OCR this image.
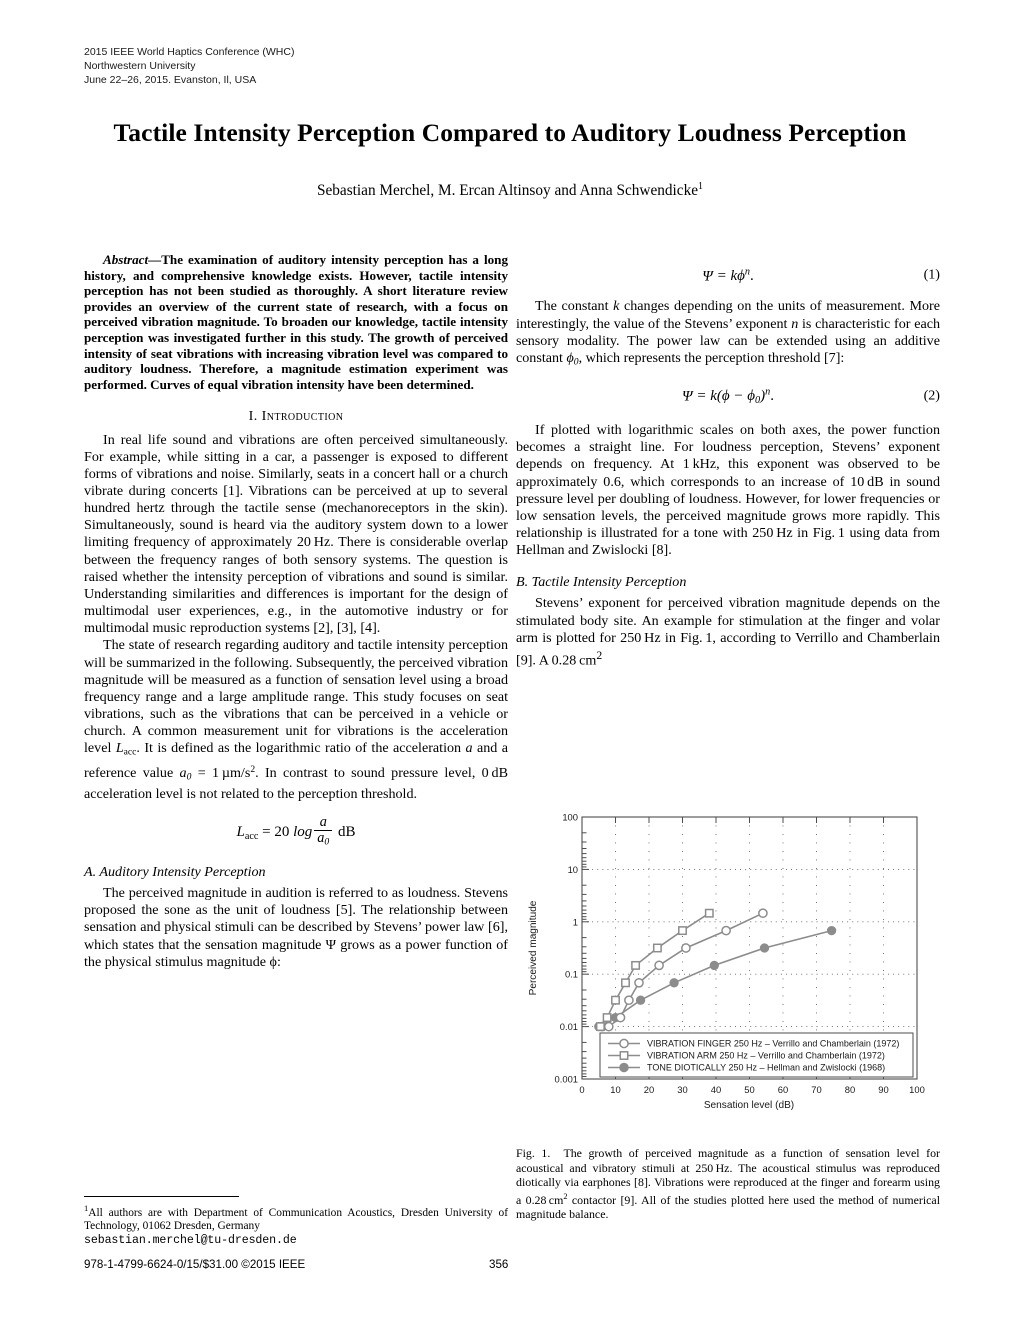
2015 IEEE World Haptics Conference (WHC)
Northwestern University
June 22–26, 2015. Evanston, Il, USA
Tactile Intensity Perception Compared to Auditory Loudness Perception
Sebastian Merchel, M. Ercan Altinsoy and Anna Schwendicke$^1$

Abstract—The examination of auditory intensity perception has a long history, and comprehensive knowledge exists. However, tactile intensity perception has not been studied as thoroughly. A short literature review provides an overview of the current state of research, with a focus on perceived vibration magnitude. To broaden our knowledge, tactile intensity perception was investigated further in this study. The growth of perceived intensity of seat vibrations with increasing vibration level was compared to auditory loudness. Therefore, a magnitude estimation experiment was performed. Curves of equal vibration intensity have been determined.

I. Introduction

In real life sound and vibrations are often perceived simultaneously. For example, while sitting in a car, a passenger is exposed to different forms of vibrations and noise. Similarly, seats in a concert hall or a church vibrate during concerts [1]. Vibrations can be perceived at up to several hundred hertz through the tactile sense (mechanoreceptors in the skin). Simultaneously, sound is heard via the auditory system down to a lower limiting frequency of approximately 20 Hz. There is considerable overlap between the frequency ranges of both sensory systems. The question is raised whether the intensity perception of vibrations and sound is similar. Understanding similarities and differences is important for the design of multimodal user experiences, e.g., in the automotive industry or for multimodal music reproduction systems [2], [3], [4].

The state of research regarding auditory and tactile intensity perception will be summarized in the following. Subsequently, the perceived vibration magnitude will be measured as a function of sensation level using a broad frequency range and a large amplitude range. This study focuses on seat vibrations, such as the vibrations that can be perceived in a vehicle or church. A common measurement unit for vibrations is the acceleration level $L_{acc}$. It is defined as the logarithmic ratio of the acceleration a and a reference value $a_0 = 1$ $\mu m/s^2$. In contrast to sound pressure level, 0 dB acceleration level is not related to the perception threshold.

$L_{acc} = 20$ $\log \frac{a}{a_0}$ dB
A. Auditory Intensity Perception

The perceived magnitude in audition is referred to as loudness. Stevens proposed the sone as the unit of loudness [5]. The relationship between sensation and physical stimuli can be described by Stevens’ power law [6], which states that the sensation magnitude Ψ grows as a power function of the physical stimulus magnitude ϕ:

$\Psi = k\phi^n$.	(1)

The constant k changes depending on the units of measurement. More interestingly, the value of the Stevens’ exponent n is characteristic for each sensory modality. The power law can be extended using an additive constant $\phi_0$, which represents the perception threshold [7]:

$\Psi = k(\phi - \phi_0)^n$.	(2)

If plotted with logarithmic scales on both axes, the power function becomes a straight line. For loudness perception, Stevens’ exponent depends on frequency. At 1 kHz, this exponent was observed to be approximately 0.6, which corresponds to an increase of 10 dB in sound pressure level per doubling of loudness. However, for lower frequencies or low sensation levels, the perceived magnitude grows more rapidly. This relationship is illustrated for a tone with 250 Hz in Fig. 1 using data from Hellman and Zwislocki [8].

B. Tactile Intensity Perception

Stevens’ exponent for perceived vibration magnitude depends on the stimulated body site. An example for stimulation at the finger and volar arm is plotted for 250 Hz in Fig. 1, according to Verrillo and Chamberlain [9]. A 0.28 $cm^2$

100
10
1
0.1
0.01
0.001
0	10 20 30 40 50 60 70 80 90 100
Sensation level (dB)
Perceived magnitude
VIBRATION FINGER 250 Hz – Verrillo and Chamberlain (1972)
VIBRATION ARM 250 Hz – Verrillo and Chamberlain (1972)
TONE DIOTICALLY 250 Hz – Hellman and Zwislocki (1968)
Fig. 1. The growth of perceived magnitude as a function of sensation level for acoustical and vibratory stimuli at 250 Hz. The acoustical stimulus was reproduced diotically via earphones [8]. Vibrations were reproduced at the finger and forearm using a 0.28 $cm^2$ contactor [9]. All of the studies plotted here used the method of numerical magnitude balance.
$^1$All authors are with Department of Communication Acoustics, Dresden University of Technology, 01062 Dresden, Germany
sebastian.merchel@tu-dresden.de
978-1-4799-6624-0/15/$31.00 ©2015 IEEE	356
